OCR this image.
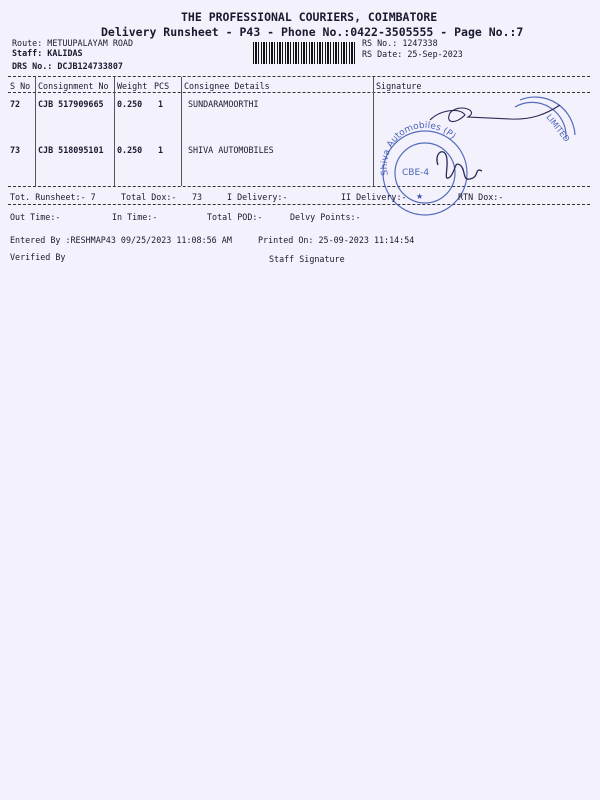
THE PROFESSIONAL COURIERS, COIMBATORE
Delivery Runsheet - P43 - Phone No.:0422-3505555 - Page No.:7
Route: METUUPALAYAM ROAD
Staff: KALIDAS
DRS No.: DCJB124733807
RS No.: 1247338
RS Date: 25-Sep-2023
S No Consignment No Weight PCS Consignee Details	Signature
72 CJB 517909665 0.250 1	SUNDARAMOORTHI
73 CJB 518095101 0.250 1	SHIVA AUTOMOBILES
Shiva Automobiles (P)	LIMITED
CBE-4
★
Tot. Runsheet:- 7	Total Dox:- 73	I Delivery:-	II Delivery:-	RTN Dox:-
Out Time:-	In Time:-	Total POD:-	Delvy Points:-
Entered By :RESHMAP43 09/25/2023 11:08:56 AM	Printed On: 25-09-2023 11:14:54
Verified By	Staff Signature
